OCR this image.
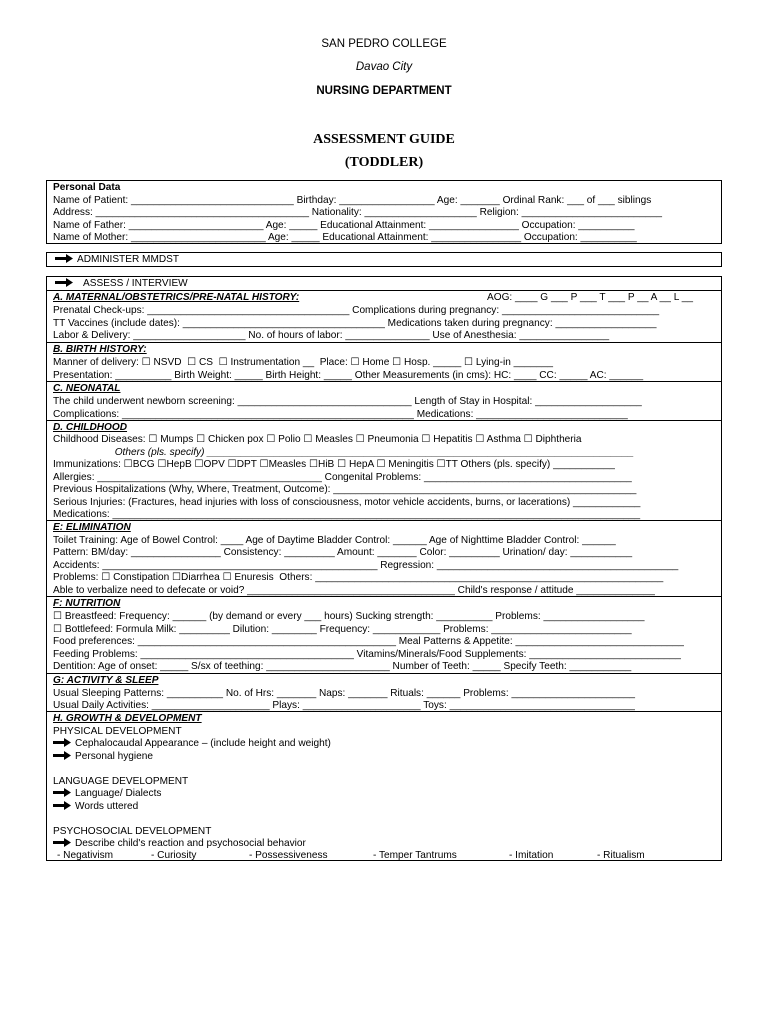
SAN PEDRO COLLEGE
Davao City
NURSING DEPARTMENT
ASSESSMENT GUIDE
(TODDLER)
Personal Data
Name of Patient: _____________________________ Birthday: _________________ Age: _______ Ordinal Rank: ___ of ___ siblings
Address: ______________________________________ Nationality: ____________________ Religion: _________________________
Name of Father: ________________________ Age: _____ Educational Attainment: ________________ Occupation: __________
Name of Mother: ________________________ Age: _____ Educational Attainment: ________________ Occupation: __________
ADMINISTER MMDST
ASSESS / INTERVIEW
A. MATERNAL/OBSTETRICS/PRE-NATAL HISTORY:	AOG: ____ G ___ P ___ T ___ P __ A __ L __
Prenatal Check-ups: ____________________________________ Complications during pregnancy: ____________________________
TT Vaccines (include dates): ____________________________________ Medications taken during pregnancy: __________________
Labor & Delivery: ____________________ No. of hours of labor: _______________ Use of Anesthesia: ________________
B. BIRTH HISTORY:
Manner of delivery: ☐ NSVD  ☐ CS  ☐ Instrumentation __  Place: ☐ Home ☐ Hosp. _____ ☐ Lying-in _______
Presentation: __________ Birth Weight: _____ Birth Height: _____ Other Measurements (in cms): HC: ____ CC: _____ AC: ______
C. NEONATAL
The child underwent newborn screening: _______________________________ Length of Stay in Hospital: ___________________
Complications: ____________________________________________________ Medications: ___________________________
D. CHILDHOOD
Childhood Diseases: ☐ Mumps ☐ Chicken pox ☐ Polio ☐ Measles ☐ Pneumonia ☐ Hepatitis ☐ Asthma ☐ Diphtheria
Others (pls. specify) ____________________________________________________________________________
Immunizations: ☐BCG ☐HepB ☐OPV ☐DPT ☐Measles ☐HiB ☐ HepA ☐ Meningitis ☐TT Others (pls. specify) ___________
Allergies: ________________________________________ Congenital Problems: _____________________________________
Previous Hospitalizations (Why, Where, Treatment, Outcome): ______________________________________________________
Serious Injuries: (Fractures, head injuries with loss of consciousness, motor vehicle accidents, burns, or lacerations) ____________
Medications: ______________________________________________________________________________________________
E: ELIMINATION
Toilet Training: Age of Bowel Control: ____ Age of Daytime Bladder Control: ______ Age of Nighttime Bladder Control: ______
Pattern: BM/day: ________________ Consistency: _________ Amount: _______ Color: _________ Urination/ day: ___________
Accidents: _________________________________________________ Regression: ___________________________________________
Problems: ☐ Constipation ☐Diarrhea ☐ Enuresis  Others: ______________________________________________________________
Able to verbalize need to defecate or void? _____________________________________ Child's response / attitude ______________
F: NUTRITION
☐ Breastfeed: Frequency: ______ (by demand or every ___ hours) Sucking strength: __________ Problems: __________________
☐ Bottlefeed: Formula Milk: _________ Dilution: ________ Frequency: ____________ Problems: _________________________
Food preferences: ______________________________________________ Meal Patterns & Appetite: ______________________________
Feeding Problems: ______________________________________ Vitamins/Minerals/Food Supplements: ___________________________
Dentition: Age of onset: _____ S/sx of teething: ______________________ Number of Teeth: _____ Specify Teeth: ___________
G: ACTIVITY & SLEEP
Usual Sleeping Patterns: __________ No. of Hrs: _______ Naps: _______ Rituals: ______ Problems: ______________________
Usual Daily Activities: _____________________ Plays: _____________________ Toys: _________________________________
H. GROWTH & DEVELOPMENT
PHYSICAL DEVELOPMENT
Cephalocaudal Appearance – (include height and weight)
Personal hygiene
LANGUAGE DEVELOPMENT
Language/ Dialects
Words uttered
PSYCHOSOCIAL DEVELOPMENT
Describe child's reaction and psychosocial behavior
- Negativism	- Curiosity	- Possessiveness	- Temper Tantrums	- Imitation	- Ritualism
